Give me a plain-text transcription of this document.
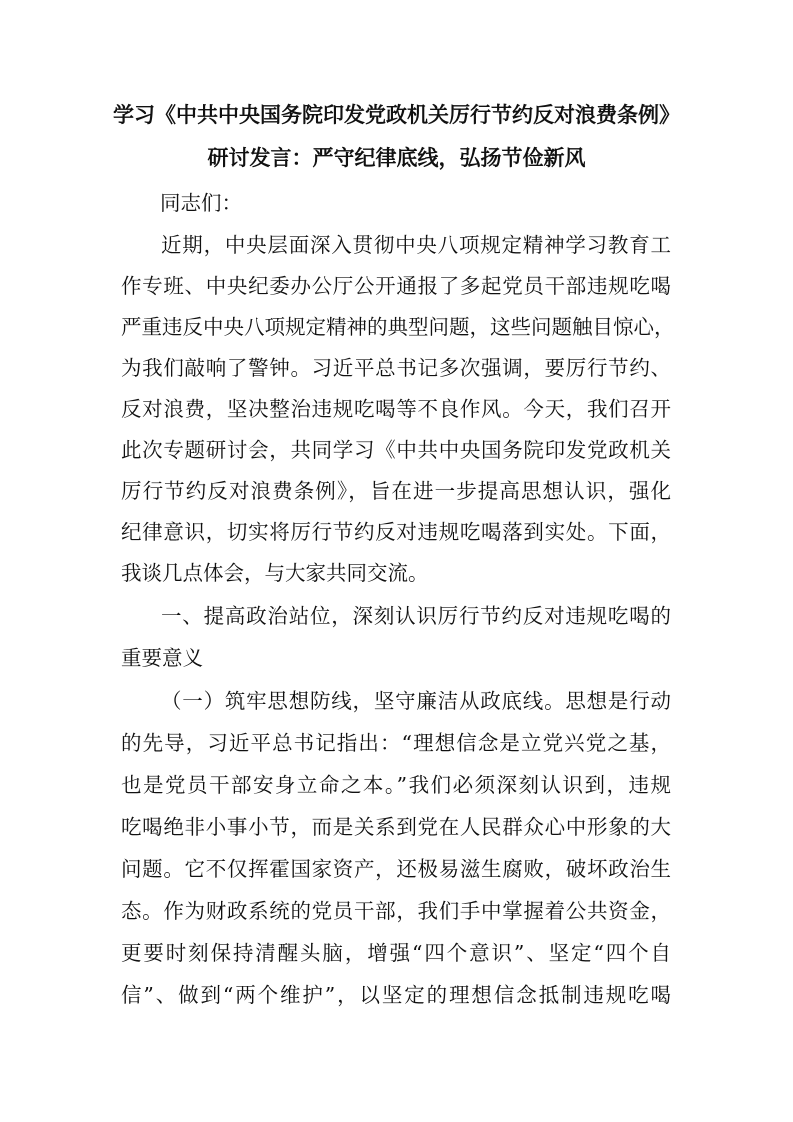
学习《中共中央国务院印发党政机关厉行节约反对浪费条例》
研讨发言：严守纪律底线，弘扬节俭新风
同志们：
近期，中央层面深入贯彻中央八项规定精神学习教育工
作专班、中央纪委办公厅公开通报了多起党员干部违规吃喝
严重违反中央八项规定精神的典型问题，这些问题触目惊心，
为我们敲响了警钟。习近平总书记多次强调，要厉行节约、
反对浪费，坚决整治违规吃喝等不良作风。今天，我们召开
此次专题研讨会，共同学习《中共中央国务院印发党政机关
厉行节约反对浪费条例》，旨在进一步提高思想认识，强化
纪律意识，切实将厉行节约反对违规吃喝落到实处。下面，
我谈几点体会，与大家共同交流。
一、提高政治站位，深刻认识厉行节约反对违规吃喝的
重要意义
（一）筑牢思想防线，坚守廉洁从政底线。思想是行动
的先导，习近平总书记指出：“理想信念是立党兴党之基，
也是党员干部安身立命之本。”我们必须深刻认识到，违规
吃喝绝非小事小节，而是关系到党在人民群众心中形象的大
问题。它不仅挥霍国家资产，还极易滋生腐败，破坏政治生
态。作为财政系统的党员干部，我们手中掌握着公共资金，
更要时刻保持清醒头脑，增强“四个意识”、坚定“四个自
信”、做到“两个维护”，以坚定的理想信念抵制违规吃喝
